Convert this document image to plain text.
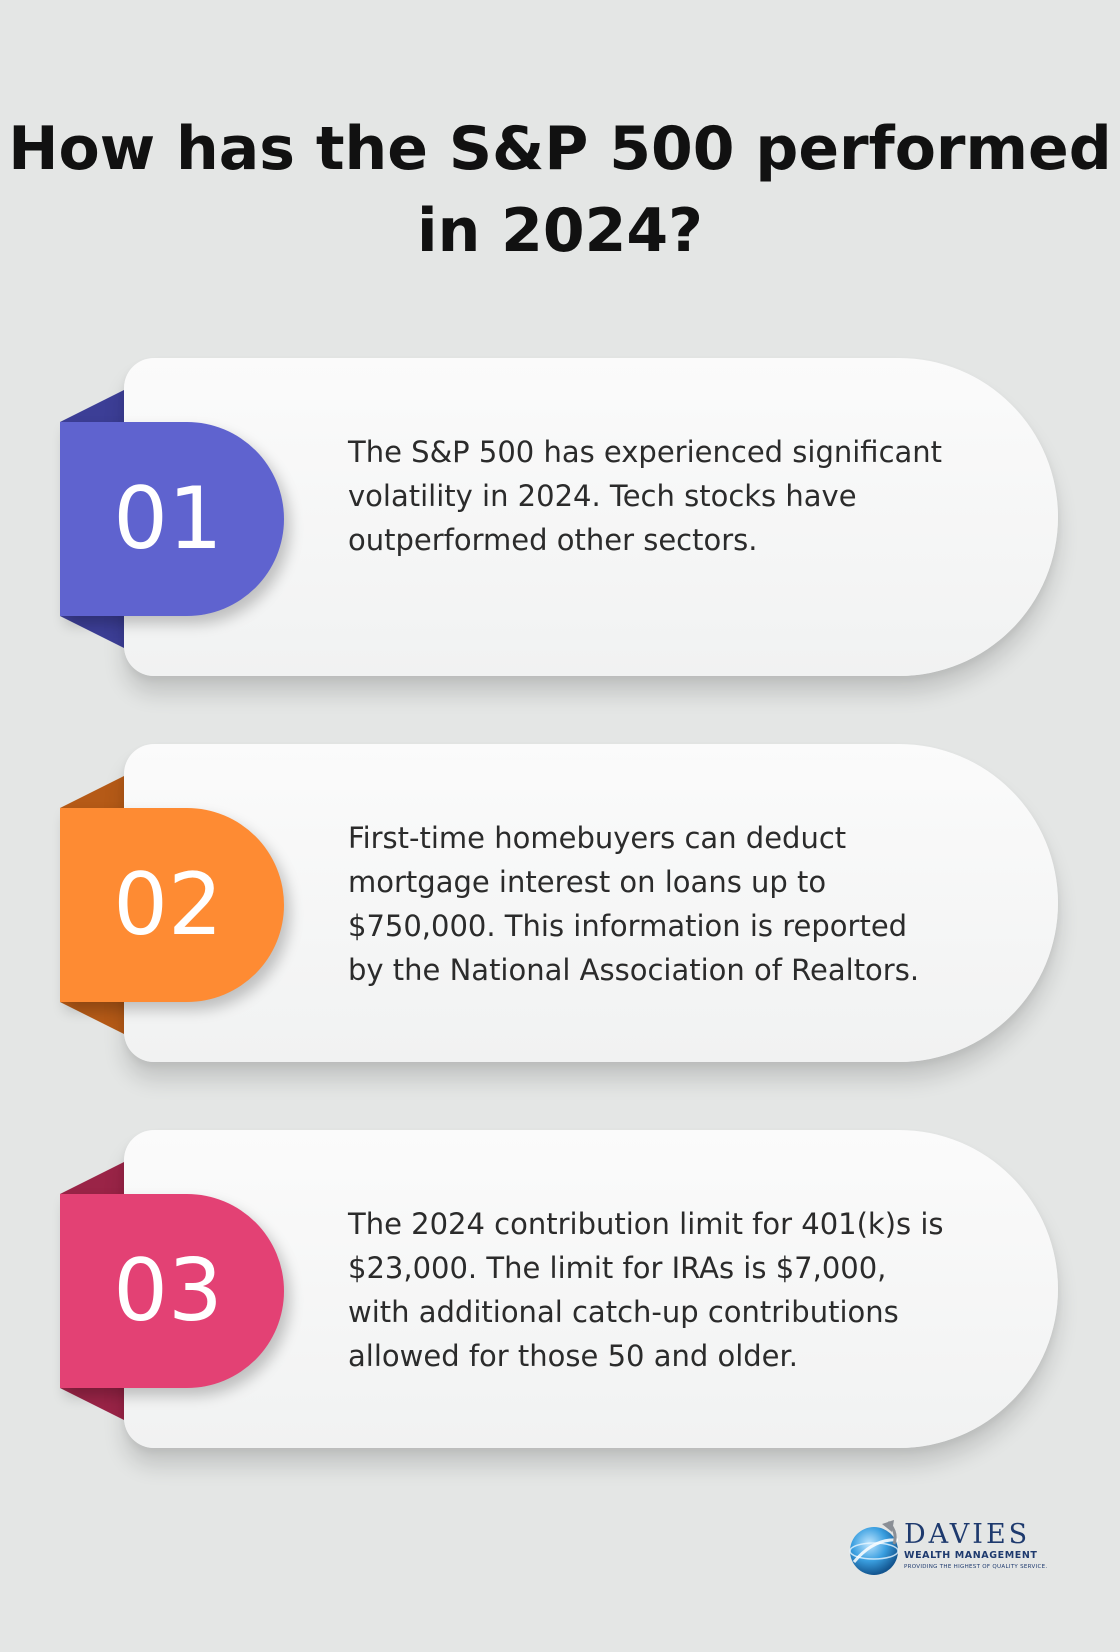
How has the S&P 500 performed in 2024?
The S&P 500 has experienced significant volatility in 2024. Tech stocks have outperformed other sectors.
01
First-time homebuyers can deduct mortgage interest on loans up to $750,000. This information is reported by the National Association of Realtors.
02
The 2024 contribution limit for 401(k)s is $23,000. The limit for IRAs is $7,000, with additional catch-up contributions allowed for those 50 and older.
03
DAVIES
WEALTH MANAGEMENT
PROVIDING THE HIGHEST OF QUALITY SERVICE.
